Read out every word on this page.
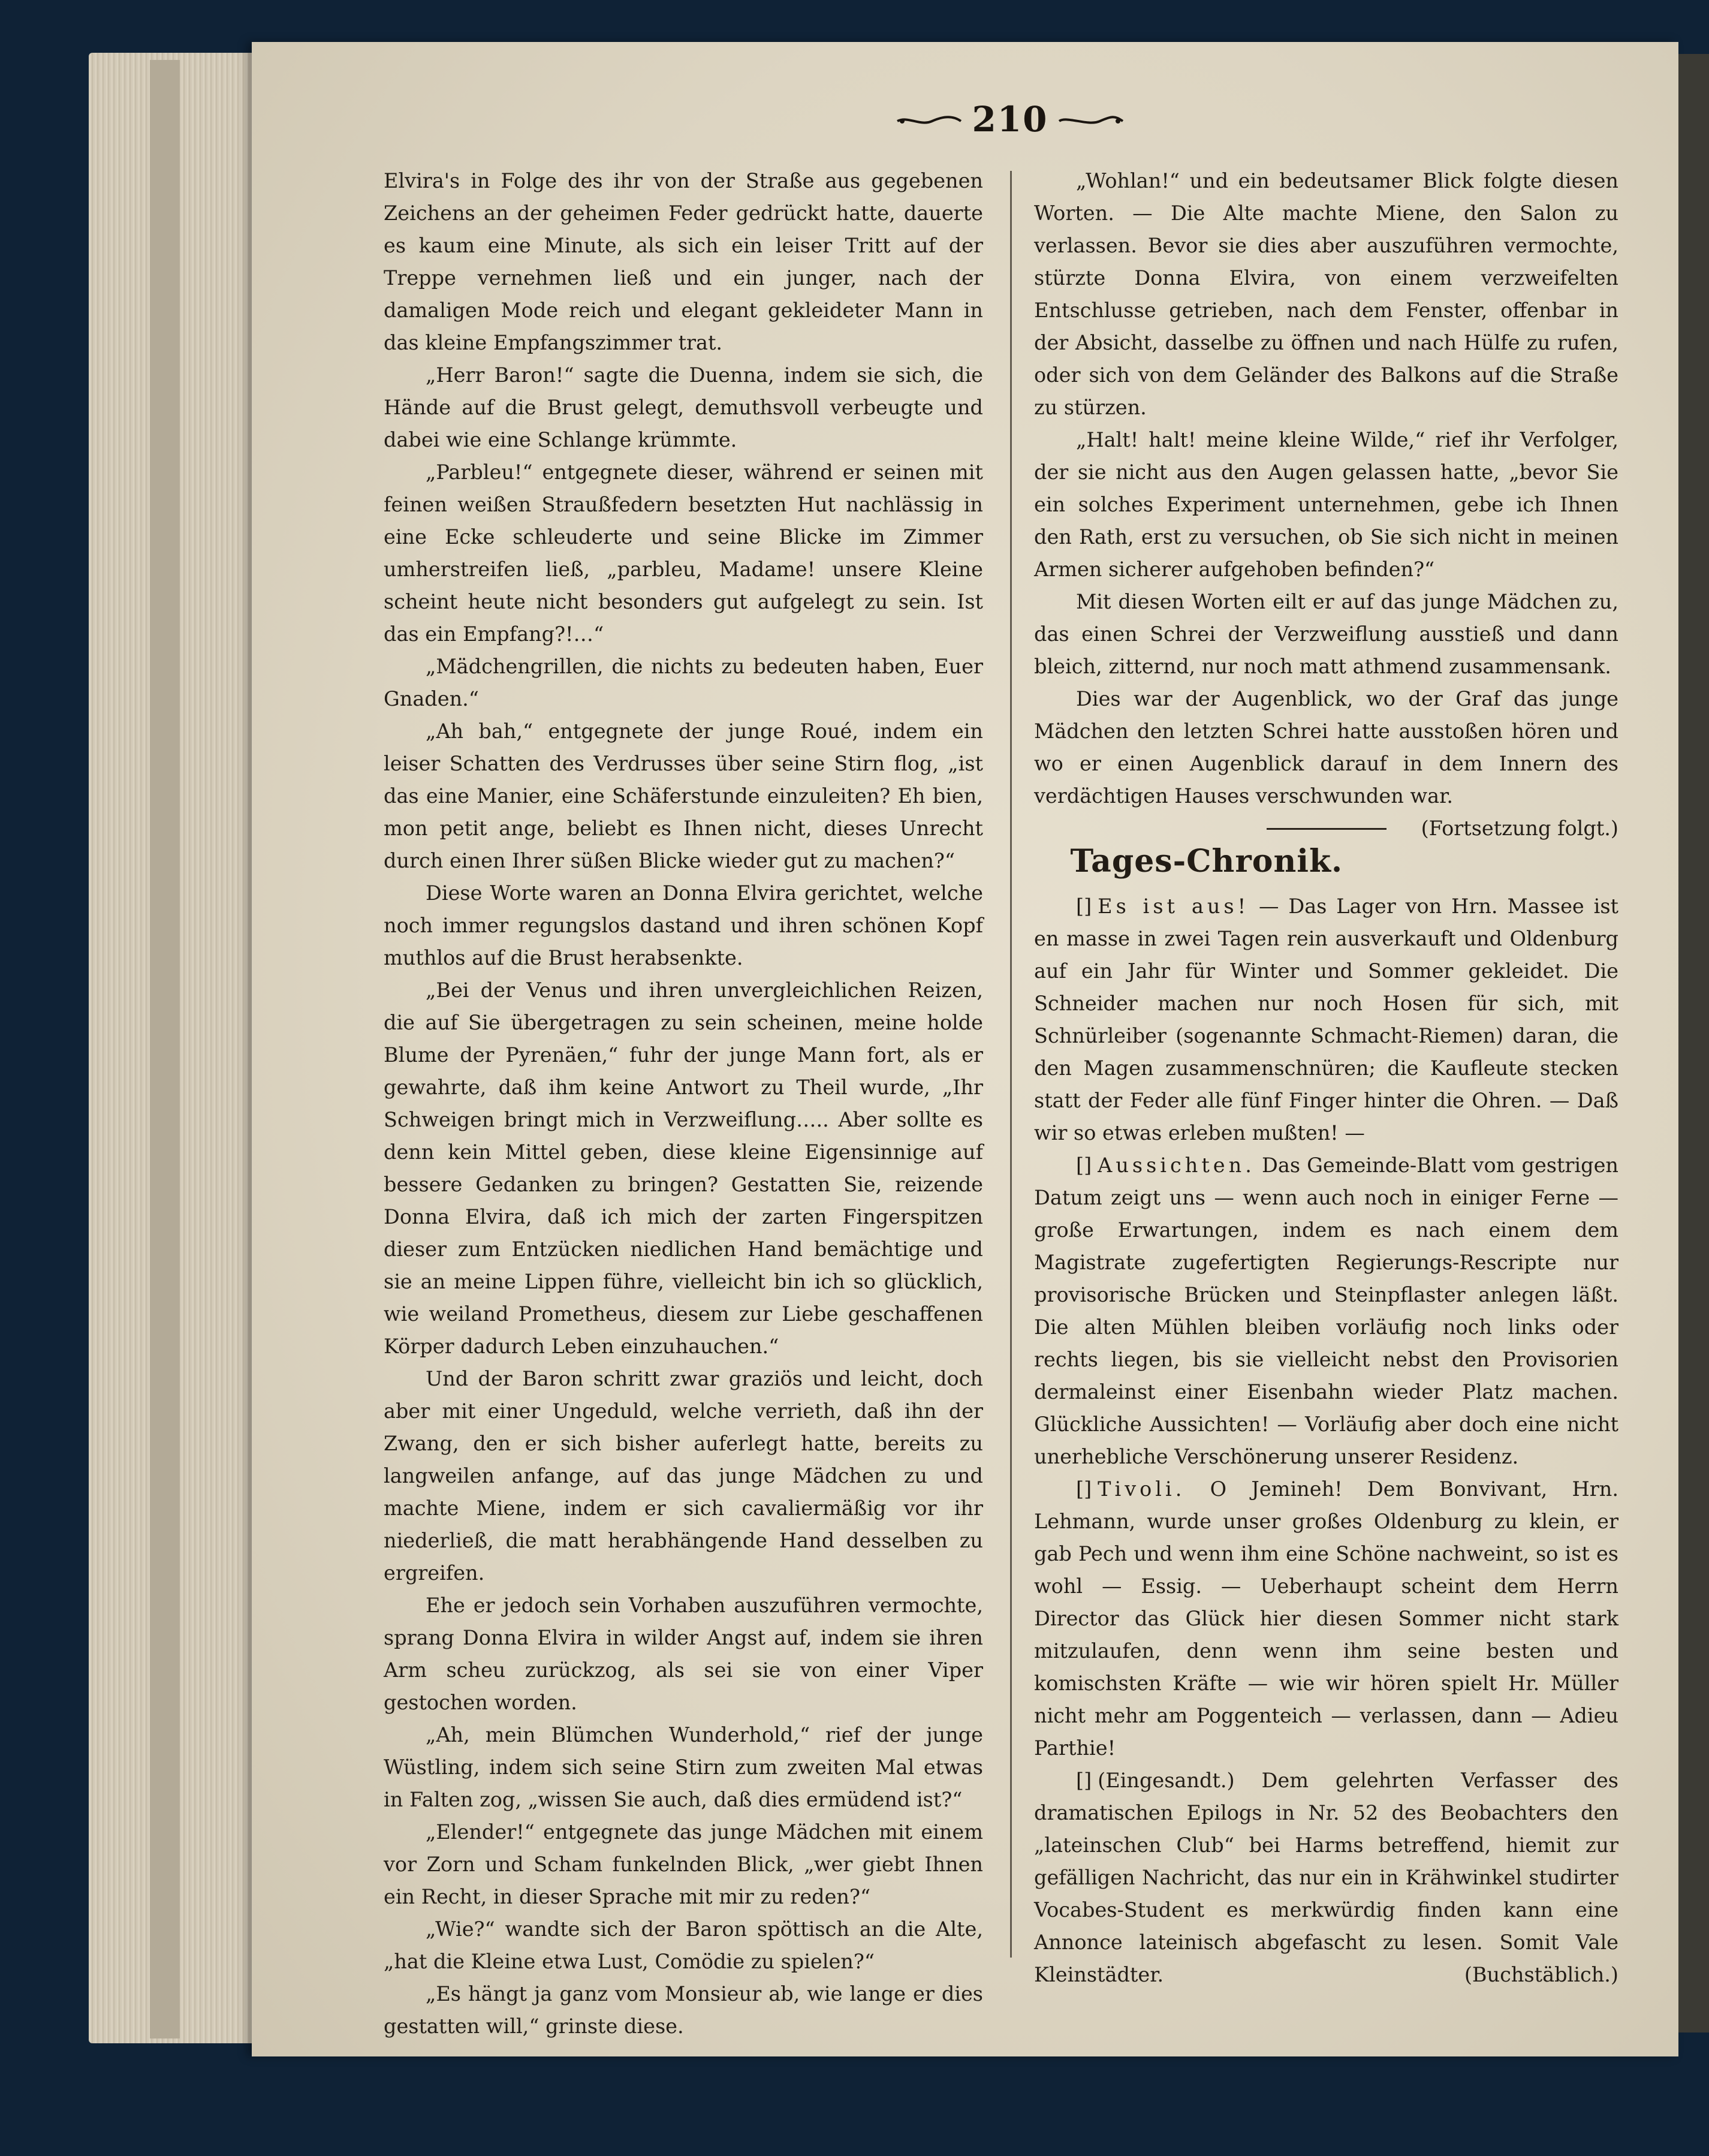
210

Elvira's in Folge des ihr von der Straße aus gegebenen Zeichens an der geheimen Feder gedrückt hatte, dauerte es kaum eine Minute, als sich ein leiser Tritt auf der Treppe vernehmen ließ und ein junger, nach der damaligen Mode reich und elegant gekleideter Mann in das kleine Empfangszimmer trat.

„Herr Baron!“ sagte die Duenna, indem sie sich, die Hände auf die Brust gelegt, demuthsvoll verbeugte und dabei wie eine Schlange krümmte.

„Parbleu!“ entgegnete dieser, während er seinen mit feinen weißen Straußfedern besetzten Hut nachlässig in eine Ecke schleuderte und seine Blicke im Zimmer umherstreifen ließ, „parbleu, Madame! unsere Kleine scheint heute nicht besonders gut aufgelegt zu sein. Ist das ein Empfang?!…“

„Mädchengrillen, die nichts zu bedeuten haben, Euer Gnaden.“

„Ah bah,“ entgegnete der junge Roué, indem ein leiser Schatten des Verdrusses über seine Stirn flog, „ist das eine Manier, eine Schäferstunde einzuleiten? Eh bien, mon petit ange, beliebt es Ihnen nicht, dieses Unrecht durch einen Ihrer süßen Blicke wieder gut zu machen?“

Diese Worte waren an Donna Elvira gerichtet, welche noch immer regungslos dastand und ihren schönen Kopf muthlos auf die Brust herabsenkte.

„Bei der Venus und ihren unvergleichlichen Reizen, die auf Sie übergetragen zu sein scheinen, meine holde Blume der Pyrenäen,“ fuhr der junge Mann fort, als er gewahrte, daß ihm keine Antwort zu Theil wurde, „Ihr Schweigen bringt mich in Verzweiflung….. Aber sollte es denn kein Mittel geben, diese kleine Eigensinnige auf bessere Gedanken zu bringen? Gestatten Sie, reizende Donna Elvira, daß ich mich der zarten Fingerspitzen dieser zum Entzücken niedlichen Hand bemächtige und sie an meine Lippen führe, vielleicht bin ich so glücklich, wie weiland Prometheus, diesem zur Liebe geschaffenen Körper dadurch Leben einzuhauchen.“

Und der Baron schritt zwar graziös und leicht, doch aber mit einer Ungeduld, welche verrieth, daß ihn der Zwang, den er sich bisher auferlegt hatte, bereits zu langweilen anfange, auf das junge Mädchen zu und machte Miene, indem er sich cavaliermäßig vor ihr niederließ, die matt herabhängende Hand desselben zu ergreifen.

Ehe er jedoch sein Vorhaben auszuführen vermochte, sprang Donna Elvira in wilder Angst auf, indem sie ihren Arm scheu zurückzog, als sei sie von einer Viper gestochen worden.

„Ah, mein Blümchen Wunderhold,“ rief der junge Wüstling, indem sich seine Stirn zum zweiten Mal etwas in Falten zog, „wissen Sie auch, daß dies ermüdend ist?“

„Elender!“ entgegnete das junge Mädchen mit einem vor Zorn und Scham funkelnden Blick, „wer giebt Ihnen ein Recht, in dieser Sprache mit mir zu reden?“

„Wie?“ wandte sich der Baron spöttisch an die Alte, „hat die Kleine etwa Lust, Comödie zu spielen?“

„Es hängt ja ganz vom Monsieur ab, wie lange er dies gestatten will,“ grinste diese.

„Wohlan!“ und ein bedeutsamer Blick folgte diesen Worten. — Die Alte machte Miene, den Salon zu verlassen. Bevor sie dies aber auszuführen vermochte, stürzte Donna Elvira, von einem verzweifelten Entschlusse getrieben, nach dem Fenster, offenbar in der Absicht, dasselbe zu öffnen und nach Hülfe zu rufen, oder sich von dem Geländer des Balkons auf die Straße zu stürzen.

„Halt! halt! meine kleine Wilde,“ rief ihr Verfolger, der sie nicht aus den Augen gelassen hatte, „bevor Sie ein solches Experiment unternehmen, gebe ich Ihnen den Rath, erst zu versuchen, ob Sie sich nicht in meinen Armen sicherer aufgehoben befinden?“

Mit diesen Worten eilt er auf das junge Mädchen zu, das einen Schrei der Verzweiflung ausstieß und dann bleich, zitternd, nur noch matt athmend zusammensank.

Dies war der Augenblick, wo der Graf das junge Mädchen den letzten Schrei hatte ausstoßen hören und wo er einen Augenblick darauf in dem Innern des verdächtigen Hauses verschwunden war.
(Fortsetzung folgt.)

Tages-Chronik.

[] Es ist aus! — Das Lager von Hrn. Massee ist en masse in zwei Tagen rein ausverkauft und Oldenburg auf ein Jahr für Winter und Sommer gekleidet. Die Schneider machen nur noch Hosen für sich, mit Schnürleiber (sogenannte Schmacht-Riemen) daran, die den Magen zusammenschnüren; die Kaufleute stecken statt der Feder alle fünf Finger hinter die Ohren. — Daß wir so etwas erleben mußten! —

[] Aussichten. Das Gemeinde-Blatt vom gestrigen Datum zeigt uns — wenn auch noch in einiger Ferne — große Erwartungen, indem es nach einem dem Magistrate zugefertigten Regierungs-Rescripte nur provisorische Brücken und Steinpflaster anlegen läßt. Die alten Mühlen bleiben vorläufig noch links oder rechts liegen, bis sie vielleicht nebst den Provisorien dermaleinst einer Eisenbahn wieder Platz machen. Glückliche Aussichten! — Vorläufig aber doch eine nicht unerhebliche Verschönerung unserer Residenz.

[] Tivoli. O Jemineh! Dem Bonvivant, Hrn. Lehmann, wurde unser großes Oldenburg zu klein, er gab Pech und wenn ihm eine Schöne nachweint, so ist es wohl — Essig. — Ueberhaupt scheint dem Herrn Director das Glück hier diesen Sommer nicht stark mitzulaufen, denn wenn ihm seine besten und komischsten Kräfte — wie wir hören spielt Hr. Müller nicht mehr am Poggenteich — verlassen, dann — Adieu Parthie!

[] (Eingesandt.) Dem gelehrten Verfasser des dramatischen Epilogs in Nr. 52 des Beobachters den „lateinschen Club“ bei Harms betreffend, hiemit zur gefälligen Nachricht, das nur ein in Krähwinkel studirter Vocabes-Student es merkwürdig finden kann eine Annonce lateinisch abgefascht zu lesen. Somit Vale Kleinstädter.	(Buchstäblich.)
